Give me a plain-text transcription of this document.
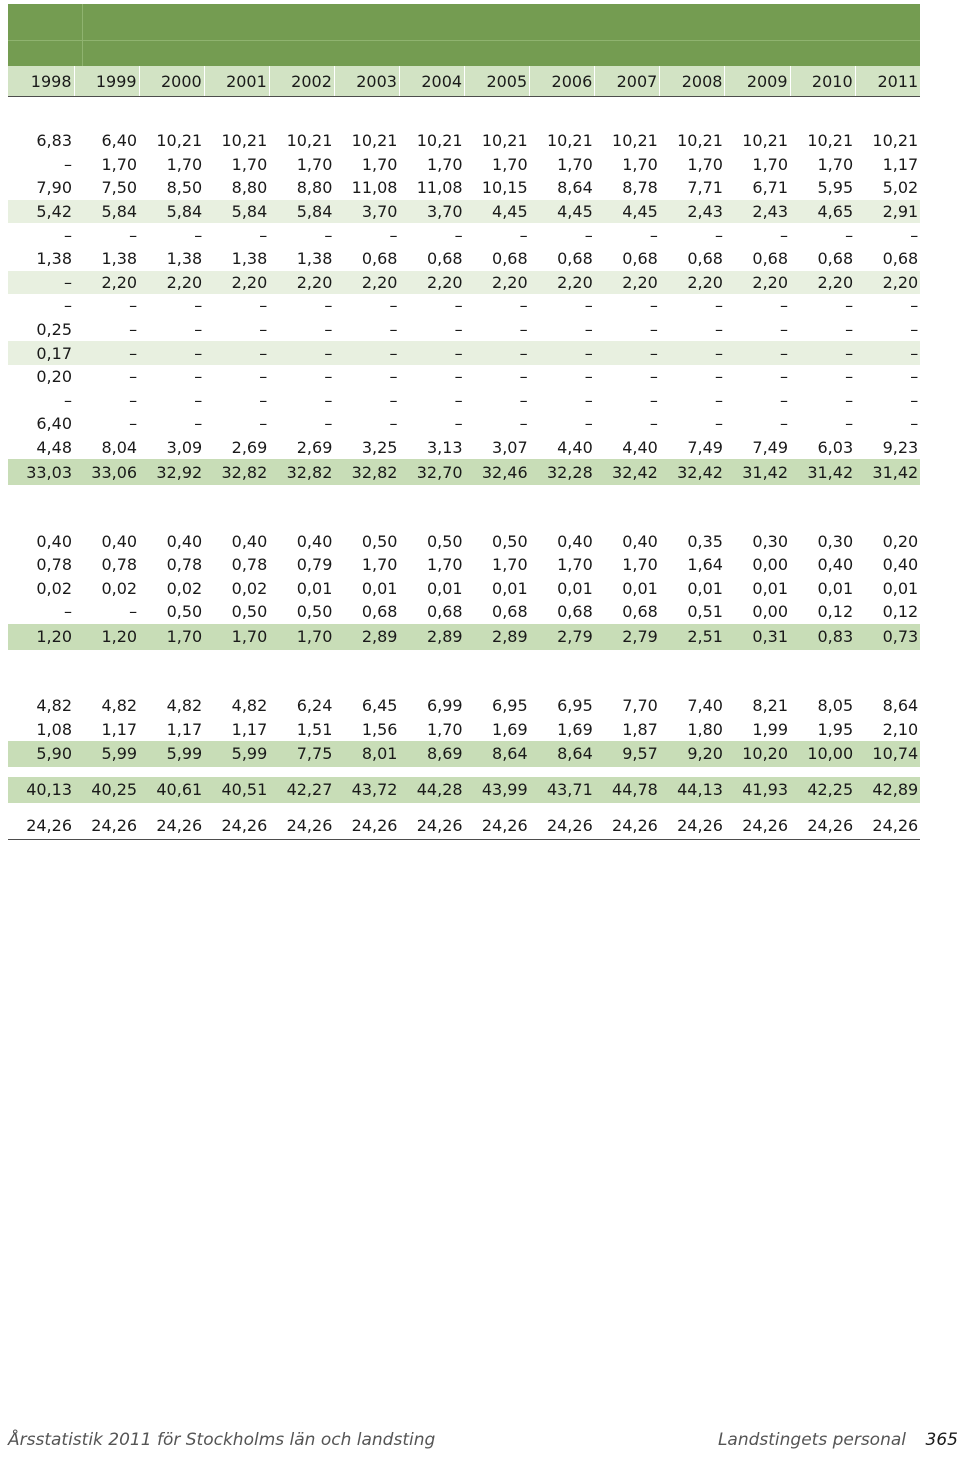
1998	1999	2000	2001	2002	2003	2004	2005	2006	2007	2008	2009	2010	2011

6,83	6,40	10,21	10,21	10,21	10,21	10,21	10,21	10,21	10,21	10,21	10,21	10,21	10,21
–	1,70	1,70	1,70	1,70	1,70	1,70	1,70	1,70	1,70	1,70	1,70	1,70	1,17
7,90	7,50	8,50	8,80	8,80	11,08	11,08	10,15	8,64	8,78	7,71	6,71	5,95	5,02
5,42	5,84	5,84	5,84	5,84	3,70	3,70	4,45	4,45	4,45	2,43	2,43	4,65	2,91
–	–	–	–	–	–	–	–	–	–	–	–	–	–
1,38	1,38	1,38	1,38	1,38	0,68	0,68	0,68	0,68	0,68	0,68	0,68	0,68	0,68
–	2,20	2,20	2,20	2,20	2,20	2,20	2,20	2,20	2,20	2,20	2,20	2,20	2,20
–	–	–	–	–	–	–	–	–	–	–	–	–	–
0,25	–	–	–	–	–	–	–	–	–	–	–	–	–
0,17	–	–	–	–	–	–	–	–	–	–	–	–	–
0,20	–	–	–	–	–	–	–	–	–	–	–	–	–
–	–	–	–	–	–	–	–	–	–	–	–	–	–
6,40	–	–	–	–	–	–	–	–	–	–	–	–	–
4,48	8,04	3,09	2,69	2,69	3,25	3,13	3,07	4,40	4,40	7,49	7,49	6,03	9,23
33,03	33,06	32,92	32,82	32,82	32,82	32,70	32,46	32,28	32,42	32,42	31,42	31,42	31,42

0,40	0,40	0,40	0,40	0,40	0,50	0,50	0,50	0,40	0,40	0,35	0,30	0,30	0,20
0,78	0,78	0,78	0,78	0,79	1,70	1,70	1,70	1,70	1,70	1,64	0,00	0,40	0,40
0,02	0,02	0,02	0,02	0,01	0,01	0,01	0,01	0,01	0,01	0,01	0,01	0,01	0,01
–	–	0,50	0,50	0,50	0,68	0,68	0,68	0,68	0,68	0,51	0,00	0,12	0,12
1,20	1,20	1,70	1,70	1,70	2,89	2,89	2,89	2,79	2,79	2,51	0,31	0,83	0,73

4,82	4,82	4,82	4,82	6,24	6,45	6,99	6,95	6,95	7,70	7,40	8,21	8,05	8,64
1,08	1,17	1,17	1,17	1,51	1,56	1,70	1,69	1,69	1,87	1,80	1,99	1,95	2,10
5,90	5,99	5,99	5,99	7,75	8,01	8,69	8,64	8,64	9,57	9,20	10,20	10,00	10,74

40,13	40,25	40,61	40,51	42,27	43,72	44,28	43,99	43,71	44,78	44,13	41,93	42,25	42,89

24,26	24,26	24,26	24,26	24,26	24,26	24,26	24,26	24,26	24,26	24,26	24,26	24,26	24,26
Årsstatistik 2011 för Stockholms län och landsting	Landstingets personal 365
